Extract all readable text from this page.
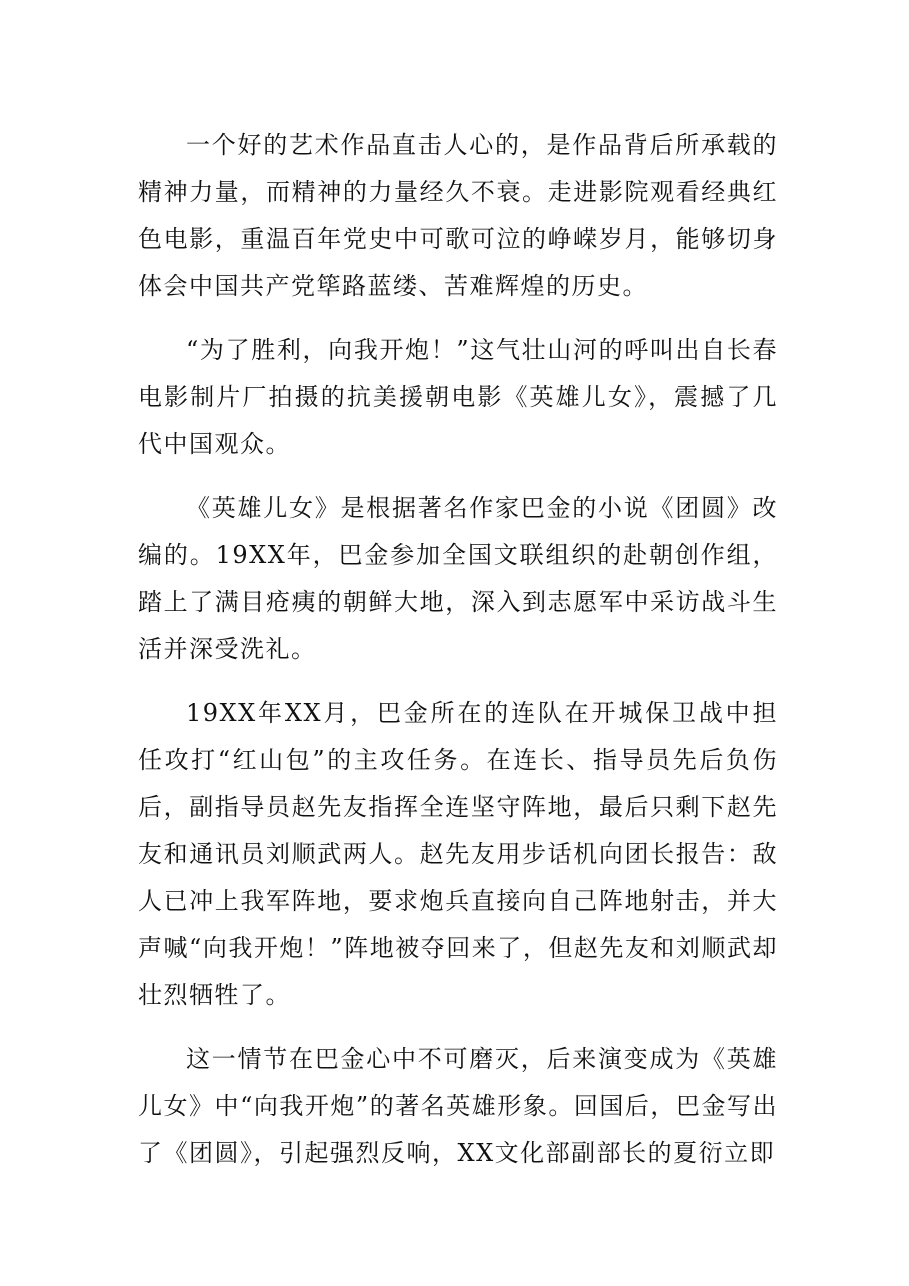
一个好的艺术作品直击人心的，是作品背后所承载的精神力量，而精神的力量经久不衰。走进影院观看经典红色电影，重温百年党史中可歌可泣的峥嵘岁月，能够切身体会中国共产党筚路蓝缕、苦难辉煌的历史。

“为了胜利，向我开炮！”这气壮山河的呼叫出自长春电影制片厂拍摄的抗美援朝电影《英雄儿女》，震撼了几代中国观众。

《英雄儿女》是根据著名作家巴金的小说《团圆》改编的。19XX年，巴金参加全国文联组织的赴朝创作组，踏上了满目疮痍的朝鲜大地，深入到志愿军中采访战斗生活并深受洗礼。

19XX年XX月，巴金所在的连队在开城保卫战中担任攻打“红山包”的主攻任务。在连长、指导员先后负伤后，副指导员赵先友指挥全连坚守阵地，最后只剩下赵先友和通讯员刘顺武两人。赵先友用步话机向团长报告：敌人已冲上我军阵地，要求炮兵直接向自己阵地射击，并大声喊“向我开炮！”阵地被夺回来了，但赵先友和刘顺武却壮烈牺牲了。

这一情节在巴金心中不可磨灭，后来演变成为《英雄儿女》中“向我开炮”的著名英雄形象。回国后，巴金写出了《团圆》，引起强烈反响，XX文化部副部长的夏衍立即
